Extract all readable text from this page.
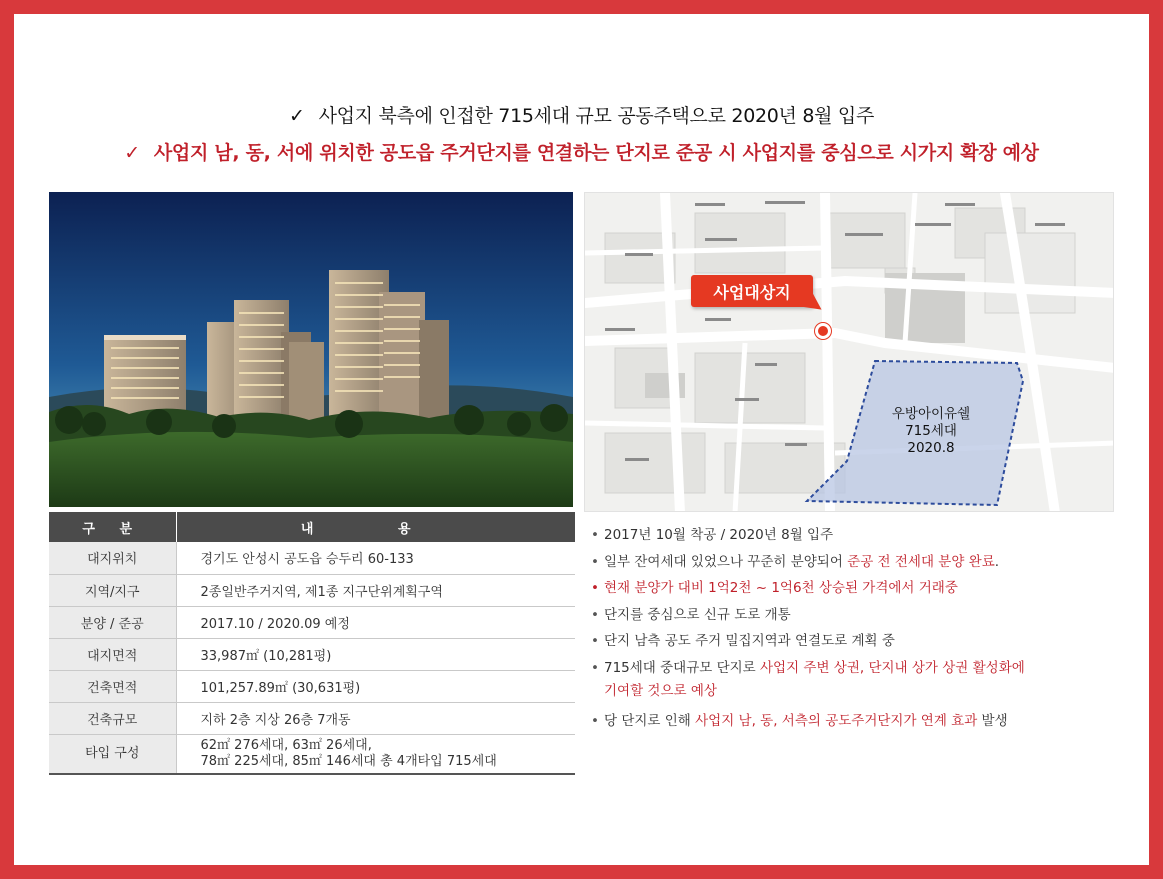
✓ 사업지 북측에 인접한 715세대 규모 공동주택으로 2020년 8월 입주
✓ 사업지 남, 동, 서에 위치한 공도읍 주거단지를 연결하는 단지로 준공 시 사업지를 중심으로 시가지 확장 예상
사업대상지
우방아이유쉘
715세대
2020.8
구 분	내 용
대지위치	경기도 안성시 공도읍 승두리 60-133
지역/지구	2종일반주거지역, 제1종 지구단위계획구역
분양 / 준공	2017.10 / 2020.09 예정
대지면적	33,987㎡ (10,281평)
건축면적	101,257.89㎡ (30,631평)
건축규모	지하 2층 지상 26층 7개동
타입 구성	62㎡ 276세대, 63㎡ 26세대,
78㎡ 225세대, 85㎡ 146세대 총 4개타입 715세대
• 2017년 10월 착공 / 2020년 8월 입주
• 일부 잔여세대 있었으나 꾸준히 분양되어 준공 전 전세대 분양 완료.
• 현재 분양가 대비 1억2천 ~ 1억6천 상승된 가격에서 거래중
• 단지를 중심으로 신규 도로 개통
• 단지 남측 공도 주거 밀집지역과 연결도로 계획 중
• 715세대 중대규모 단지로 사업지 주변 상권, 단지내 상가 상권 활성화에
기여할 것으로 예상
• 당 단지로 인해 사업지 남, 동, 서측의 공도주거단지가 연계 효과 발생
